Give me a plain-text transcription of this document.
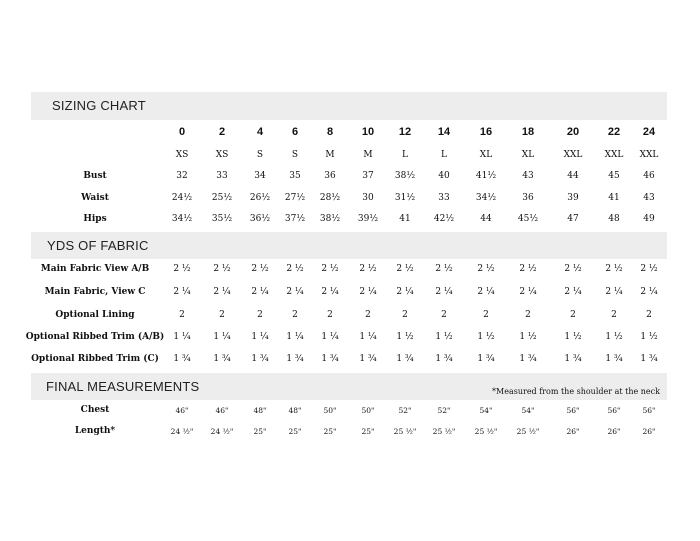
SIZING CHART
YDS OF FABRIC
FINAL MEASUREMENTS	*Measured from the shoulder at the neck
0	2	4	6	8	10 12 14	16	18	20	22 24
XS	XS	S	S	M	M	L	L	XL	XL	XXL XXL XXL
Bust	32	33	34	35	36	37 38½	40	41½	43	44	45	46
Waist	24½ 25½ 26½ 27½ 28½ 30 31½	33	34½	36	39	41	43
Hips	34½ 35½ 36½ 37½ 38½ 39½ 41	42½	44	45½	47	48	49
Main Fabric View A/B	2 ½	2 ½ 2 ½ 2 ½ 2 ½ 2 ½ 2 ½ 2 ½	2 ½	2 ½	2 ½	2 ½ 2 ½
Main Fabric, View C	2 ¼	2 ¼ 2 ¼ 2 ¼ 2 ¼ 2 ¼ 2 ¼ 2 ¼	2 ¼	2 ¼	2 ¼	2 ¼ 2 ¼
Optional Lining	2	2	2	2	2	2	2	2	2	2	2	2	2
Optional Ribbed Trim (A/B) 1 ¼	1 ¼ 1 ¼ 1 ¼ 1 ¼ 1 ¼ 1 ½ 1 ½	1 ½	1 ½	1 ½	1 ½ 1 ½
Optional Ribbed Trim (C) 1 ¾	1 ¾ 1 ¾ 1 ¾ 1 ¾ 1 ¾ 1 ¾ 1 ¾	1 ¾	1 ¾	1 ¾	1 ¾ 1 ¾
Chest	46"	46"	48"	48"	50"	50"	52"	52"	54"	54"	56"	56"	56"
Length*	24 ½" 24 ½"	25"	25"	25"	25"	25 ½" 25 ½"	25 ½"	25 ½"	26"	26"	26"
